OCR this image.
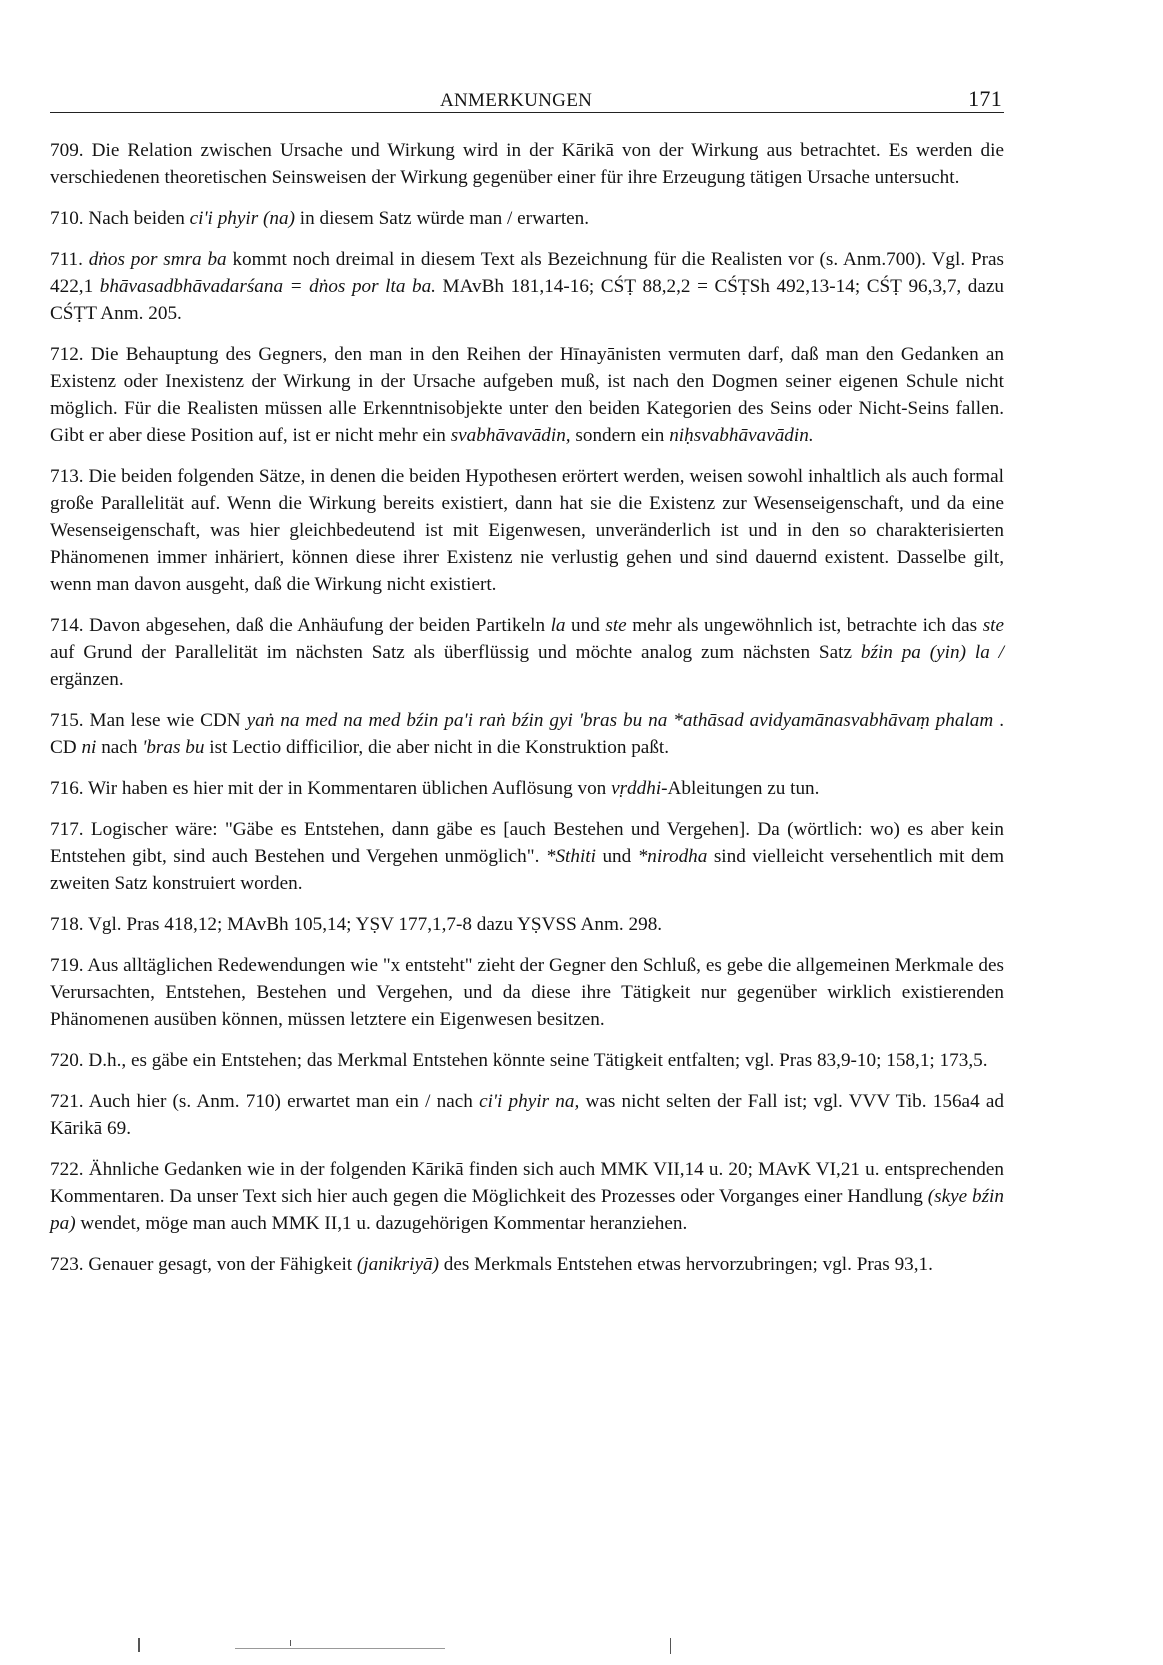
ANMERKUNGEN	171

709. Die Relation zwischen Ursache und Wirkung wird in der Kārikā von der Wirkung aus betrachtet. Es werden die verschiedenen theoretischen Seinsweisen der Wirkung gegenüber einer für ihre Erzeugung tätigen Ursache untersucht.

710. Nach beiden ci'i phyir (na) in diesem Satz würde man / erwarten.

711. dṅos por smra ba kommt noch dreimal in diesem Text als Bezeichnung für die Realisten vor (s. Anm.700). Vgl. Pras 422,1 bhāvasadbhāvadarśana = dṅos por lta ba. MAvBh 181,14-16; CŚṬ 88,2,2 = CŚṬSh 492,13-14; CŚṬ 96,3,7, dazu CŚṬT Anm. 205.

712. Die Behauptung des Gegners, den man in den Reihen der Hīnayānisten vermuten darf, daß man den Gedanken an Existenz oder Inexistenz der Wirkung in der Ursache aufgeben muß, ist nach den Dogmen seiner eigenen Schule nicht möglich. Für die Realisten müssen alle Erkenntnisobjekte unter den beiden Kategorien des Seins oder Nicht-Seins fallen. Gibt er aber diese Position auf, ist er nicht mehr ein svabhāvavādin, sondern ein niḥsvabhāvavādin.

713. Die beiden folgenden Sätze, in denen die beiden Hypothesen erörtert werden, weisen sowohl inhaltlich als auch formal große Parallelität auf. Wenn die Wirkung bereits existiert, dann hat sie die Existenz zur Wesenseigenschaft, und da eine Wesenseigenschaft, was hier gleichbedeutend ist mit Eigenwesen, unveränderlich ist und in den so charakterisierten Phänomenen immer inhäriert, können diese ihrer Existenz nie verlustig gehen und sind dauernd existent. Dasselbe gilt, wenn man davon ausgeht, daß die Wirkung nicht existiert.

714. Davon abgesehen, daß die Anhäufung der beiden Partikeln la und ste mehr als ungewöhnlich ist, betrachte ich das ste auf Grund der Parallelität im nächsten Satz als überflüssig und möchte analog zum nächsten Satz bźin pa (yin) la / ergänzen.

715. Man lese wie CDN yaṅ na med na med bźin pa'i raṅ bźin gyi 'bras bu na *athāsad avidyamānasvabhāvaṃ phalam . CD ni nach 'bras bu ist Lectio difficilior, die aber nicht in die Konstruktion paßt.

716. Wir haben es hier mit der in Kommentaren üblichen Auflösung von vṛddhi-Ableitungen zu tun.

717. Logischer wäre: "Gäbe es Entstehen, dann gäbe es [auch Bestehen und Vergehen]. Da (wörtlich: wo) es aber kein Entstehen gibt, sind auch Bestehen und Vergehen unmöglich". *Sthiti und *nirodha sind vielleicht versehentlich mit dem zweiten Satz konstruiert worden.

718. Vgl. Pras 418,12; MAvBh 105,14; YṢV 177,1,7-8 dazu YṢVSS Anm. 298.

719. Aus alltäglichen Redewendungen wie "x entsteht" zieht der Gegner den Schluß, es gebe die allgemeinen Merkmale des Verursachten, Entstehen, Bestehen und Vergehen, und da diese ihre Tätigkeit nur gegenüber wirklich existierenden Phänomenen ausüben können, müssen letztere ein Eigenwesen besitzen.

720. D.h., es gäbe ein Entstehen; das Merkmal Entstehen könnte seine Tätigkeit entfalten; vgl. Pras 83,9-10; 158,1; 173,5.

721. Auch hier (s. Anm. 710) erwartet man ein / nach ci'i phyir na, was nicht selten der Fall ist; vgl. VVV Tib. 156a4 ad Kārikā 69.

722. Ähnliche Gedanken wie in der folgenden Kārikā finden sich auch MMK VII,14 u. 20; MAvK VI,21 u. entsprechenden Kommentaren. Da unser Text sich hier auch gegen die Möglichkeit des Prozesses oder Vorganges einer Handlung (skye bźin pa) wendet, möge man auch MMK II,1 u. dazugehörigen Kommentar heranziehen.

723. Genauer gesagt, von der Fähigkeit (janikriyā) des Merkmals Entstehen etwas hervorzubringen; vgl. Pras 93,1.
